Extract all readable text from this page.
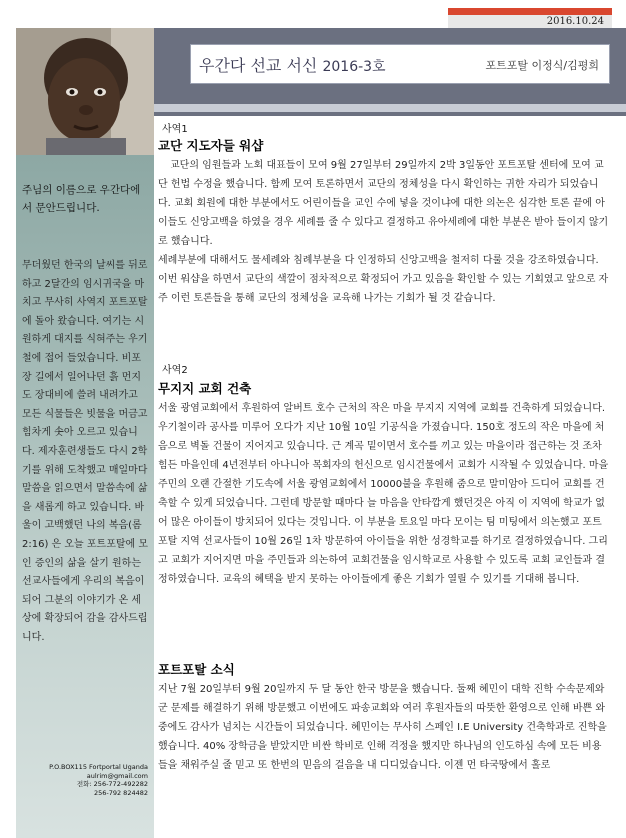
2016.10.24
우간다 선교 서신 2016-3호	포트포탈 이정식/김평희
주님의 이름으로 우간다에서 문안드립니다.
무더웠던 한국의 날씨를 뒤로하고 2달간의 임시귀국을 마치고 무사히 사역지 포트포탈에 돌아 왔습니다. 여기는 시원하게 대지를 식혀주는 우기철에 접어 들었습니다. 비포장 길에서 일어나던 흙 먼지도 장대비에 쓸려 내려가고 모든 식물들은 빗물을 머금고 힘차게 솟아 오르고 있습니다. 제자훈련생들도 다시 2학기를 위해 도착했고 매일마다 말씀을 읽으면서 말씀속에 삶을 새롭게 하고 있습니다. 바울이 고백했던 나의 복음(롬2:16) 은 오늘 포트포탈에 모인 증인의 삶을 살기 원하는 선교사들에게 우리의 복음이 되어 그분의 이야기가 온 세상에 확장되어 감을 감사드립니다.
P.O.BOX115 Fortportal Uganda
aulrim@gmail.com
전화: 256-772-492282
256-792 824482
사역1
교단 지도자들 워샵
교단의 임원들과 노회 대표들이 모여 9월 27일부터 29일까지 2박 3일동안 포트포탈 센터에 모여 교단 헌법 수정을 했습니다. 함께 모여 토론하면서 교단의 정체성을 다시 확인하는 귀한 자리가 되었습니다. 교회 회원에 대한 부분에서도 어린이들을 교인 수에 넣을 것이냐에 대한 의논은 심각한 토론 끝에 아이들도 신앙고백을 하였을 경우 세례를 줄 수 있다고 결정하고 유아세례에 대한 부분은 받아 들이지 않기로 했습니다.
세례부분에 대해서도 물세례와 침례부분을 다 인정하되 신앙고백을 철저히 다룰 것을 강조하였습니다. 이번 워샵을 하면서 교단의 색깔이 점차적으로 확정되어 가고 있음을 확인할 수 있는 기회였고 앞으로 자주 이런 토론들을 통해 교단의 정체성을 교육해 나가는 기회가 될 것 같습니다.
사역2
무지지 교회 건축
서울 광염교회에서 후원하여 알버트 호수 근처의 작은 마을 무지지 지역에 교회를 건축하게 되었습니다. 우기철이라 공사를 미루어 오다가 지난 10월 10일 기공식을 가졌습니다. 150호 정도의 작은 마을에 처음으로 벽돌 건물이 지어지고 있습니다. 근 계곡 밑이면서 호수를 끼고 있는 마을이라 접근하는 것 조차 힘든 마을인데 4년전부터 아나니아 목회자의 헌신으로 임시건물에서 교회가 시작될 수 있었습니다. 마을 주민의 오랜 간절한 기도속에 서울 광염교회에서 10000불을 후원해 줌으로 말미암아 드디어 교회를 건축할 수 있게 되었습니다. 그런데 방문할 때마다 늘 마음을 안타깝게 했던것은 아직 이 지역에 학교가 없어 많은 아이들이 방치되어 있다는 것입니다. 이 부분을 토요일 마다 모이는 팀 미팅에서 의논했고 포트포탈 지역 선교사들이 10월 26일 1차 방문하여 아이들을 위한 성경학교를 하기로 결정하였습니다. 그리고 교회가 지어지면 마을 주민들과 의논하여 교회건물을 임시학교로 사용할 수 있도록 교회 교인들과 결정하였습니다. 교육의 혜택을 받지 못하는 아이들에게 좋은 기회가 열릴 수 있기를 기대해 봅니다.
포트포탈 소식
지난 7월 20일부터 9월 20일까지 두 달 동안 한국 방문을 했습니다. 둘째 혜민이 대학 진학 수속문제와 군 문제를 해결하기 위해 방문했고 이번에도 파송교회와 여러 후원자들의 따뜻한 환영으로 인해 바쁜 와중에도 감사가 넘치는 시간들이 되었습니다. 혜민이는 무사히 스페인 I.E University 건축학과로 진학을 했습니다. 40% 장학금을 받았지만 비싼 학비로 인해 걱정을 했지만 하나님의 인도하심 속에 모든 비용들을 채워주실 줄 믿고 또 한번의 믿음의 걸음을 내 디디었습니다. 이젠 먼 타국땅에서 홀로
